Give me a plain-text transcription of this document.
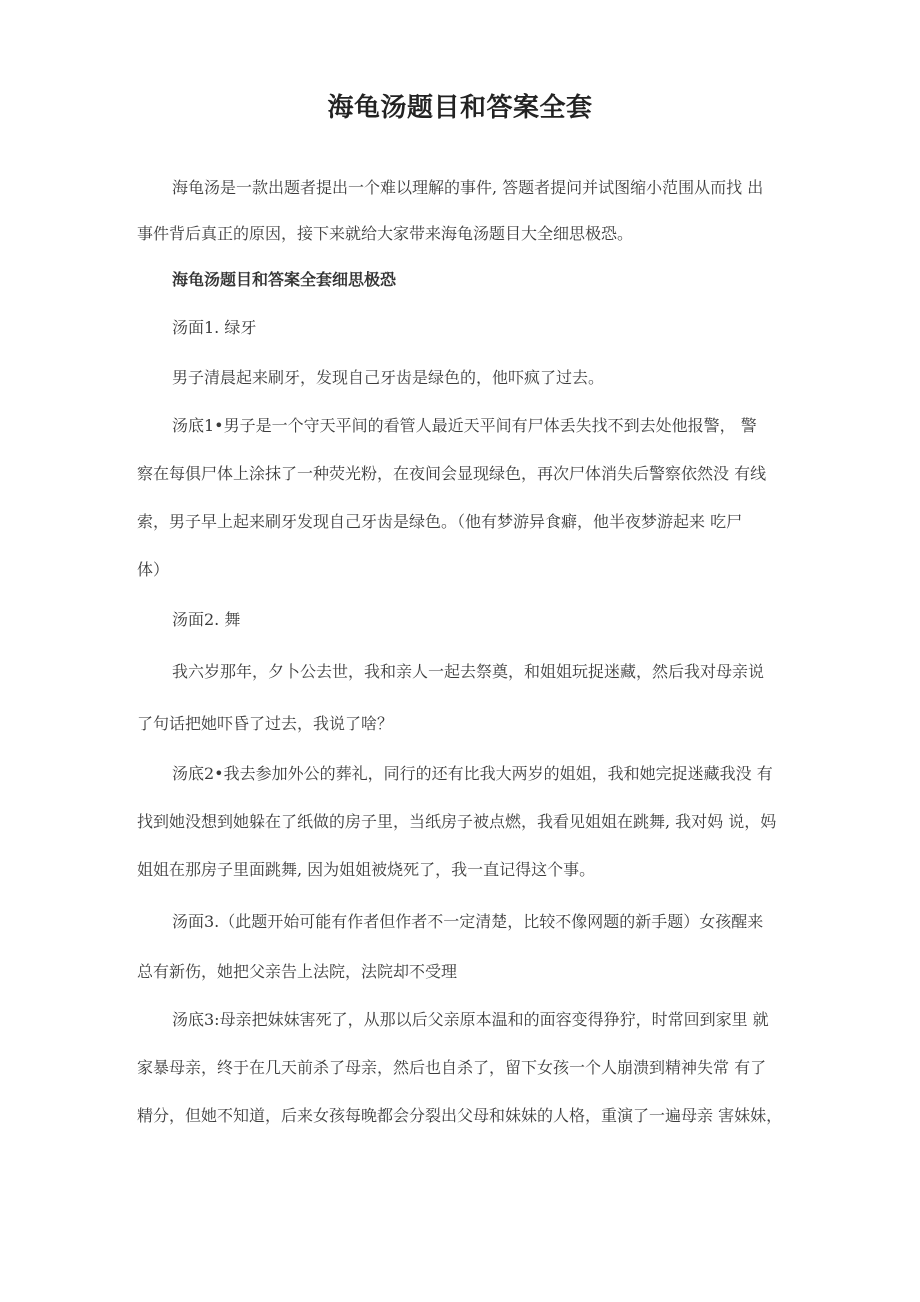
海龟汤题目和答案全套
海龟汤是一款出题者提出一个难以理解的事件, 答题者提问并试图缩小范围从而找 出
事件背后真正的原因，接下来就给大家带来海龟汤题目大全细思极恐。
海龟汤题目和答案全套细思极恐
汤面1. 绿牙
男子清晨起来刷牙，发现自己牙齿是绿色的，他吓疯了过去。
汤底1•男子是一个守天平间的看管人最近天平间有尸体丢失找不到去处他报警， 警
察在每俱尸体上涂抹了一种荧光粉，在夜间会显现绿色，再次尸体消失后警察依然没 有线
索，男子早上起来刷牙发现自己牙齿是绿色。（他有梦游异食癖，他半夜梦游起来 吃尸
体）
汤面2. 舞
我六岁那年，夕卜公去世，我和亲人一起去祭奠，和姐姐玩捉迷藏，然后我对母亲说
了句话把她吓昏了过去，我说了啥？
汤底2•我去参加外公的葬礼，同行的还有比我大两岁的姐姐，我和她完捉迷藏我没 有
找到她没想到她躲在了纸做的房子里，当纸房子被点燃，我看见姐姐在跳舞, 我对妈 说，妈
姐姐在那房子里面跳舞, 因为姐姐被烧死了，我一直记得这个事。
汤面3.（此题开始可能有作者但作者不一定清楚，比较不像网题的新手题）女孩醒来
总有新伤，她把父亲告上法院，法院却不受理
汤底3:母亲把妹妹害死了，从那以后父亲原本温和的面容变得狰狞，时常回到家里 就
家暴母亲，终于在几天前杀了母亲，然后也自杀了，留下女孩一个人崩溃到精神失常 有了
精分，但她不知道，后来女孩每晚都会分裂出父母和妹妹的人格，重演了一遍母亲 害妹妹，
